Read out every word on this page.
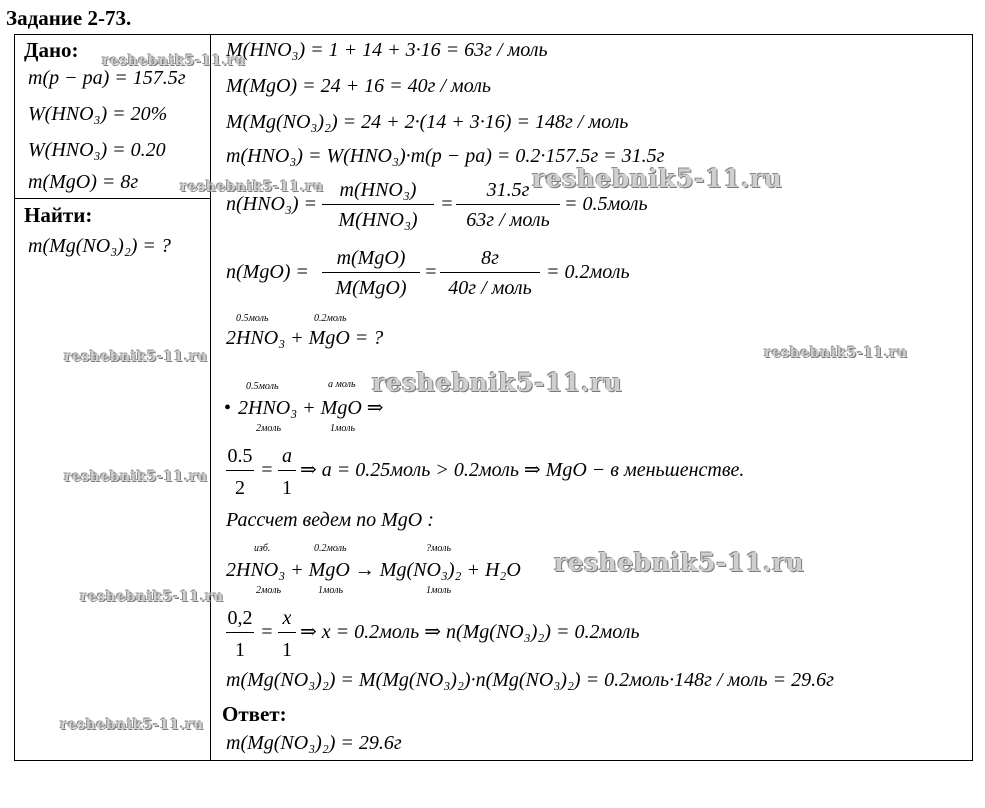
Задание 2-73.
Дано:
m(p − pa) = 157.5г
W(HNO₃) = 20%
W(HNO₃) = 0.20
m(MgO) = 8г
Найти:
m(Mg(NO₃)₂) = ?
M(HNO₃) = 1 + 14 + 3·16 = 63г / моль
M(MgO) = 24 + 16 = 40г / моль
M(Mg(NO₃)₂) = 24 + 2·(14 + 3·16) = 148г / моль
m(HNO₃) = W(HNO₃)·m(p − pa) = 0.2·157.5г = 31.5г
n(HNO₃) =
m(HNO₃)
M(HNO₃)
=
31.5г
63г / моль
= 0.5моль
n(MgO) =
m(MgO)
M(MgO)
=
8г
40г / моль
= 0.2моль
0.5моль	0.2моль
2HNO₃ + MgO = ?
0.5моль	a моль
• 2HNO₃ + MgO ⇒
2моль	1моль
0.5
2
=
a
1
⇒ a = 0.25моль > 0.2моль ⇒ MgO − в меньшенстве.
Рассчет ведем по MgO :
изб.	0.2моль	?моль
2HNO₃ + MgO → Mg(NO₃)₂ + H₂O
2моль	1моль	1моль
0,2
1
=
x
1
⇒ x = 0.2моль ⇒ n(Mg(NO₃)₂) = 0.2моль
m(Mg(NO₃)₂) = M(Mg(NO₃)₂)·n(Mg(NO₃)₂) = 0.2моль·148г / моль = 29.6г
Ответ:
m(Mg(NO₃)₂) = 29.6г
reshebnik5-11.ru
reshebnik5-11.ru	reshebnik5-11.ru
reshebnik5-11.ru	reshebnik5-11.ru
reshebnik5-11.ru
reshebnik5-11.ru
reshebnik5-11.ru
reshebnik5-11.ru
reshebnik5-11.ru
